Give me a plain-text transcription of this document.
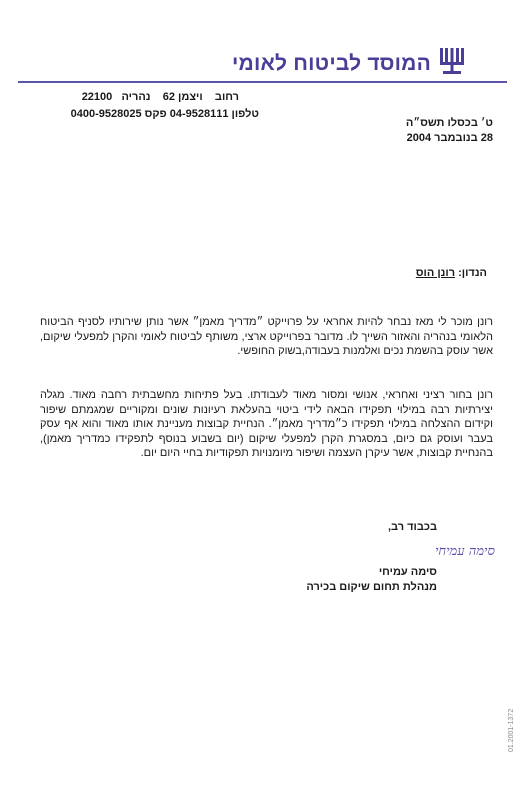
המוסד לביטוח לאומי
רחוב    ויצמן 62    נהריה   22100
טלפון 04-9528111 פקס 0400-9528025
ט׳ בכסלו תשס״ה
28 בנובמבר 2004
הנדון: רונן הוס
רונן מוכר לי מאז נבחר להיות אחראי על פרוייקט ״מדריך מאמן״ אשר נותן שירותיו לסניף הביטוח הלאומי בנהריה והאזור השייך לו. מדובר בפרוייקט ארצי, משותף לביטוח לאומי והקרן למפעלי שיקום, אשר עוסק בהשמת נכים ואלמנות בעבודה,בשוק החופשי.
רונן בחור רציני ואחראי, אנושי ומסור מאוד לעבודתו. בעל פתיחות מחשבתית רחבה מאוד. מגלה יצירתיות רבה במילוי תפקידו הבאה לידי ביטוי בהעלאת רעיונות שונים ומקוריים שמגמתם שיפור וקידום ההצלחה במילוי תפקידו כ״מדריך מאמן״. הנחיית קבוצות מעניינת אותו מאוד והוא אף עסק בעבר ועוסק גם כיום, במסגרת הקרן למפעלי שיקום (יום בשבוע בנוסף לתפקידו כמדריך מאמן), בהנחיית קבוצות, אשר עיקרן העצמה ושיפור מיומנויות תפקודיות בחיי היום יום.
בכבוד רב,
סימה עמיחי
סימה עמיחי
מנהלת תחום שיקום בכירה
01.2001-1372
